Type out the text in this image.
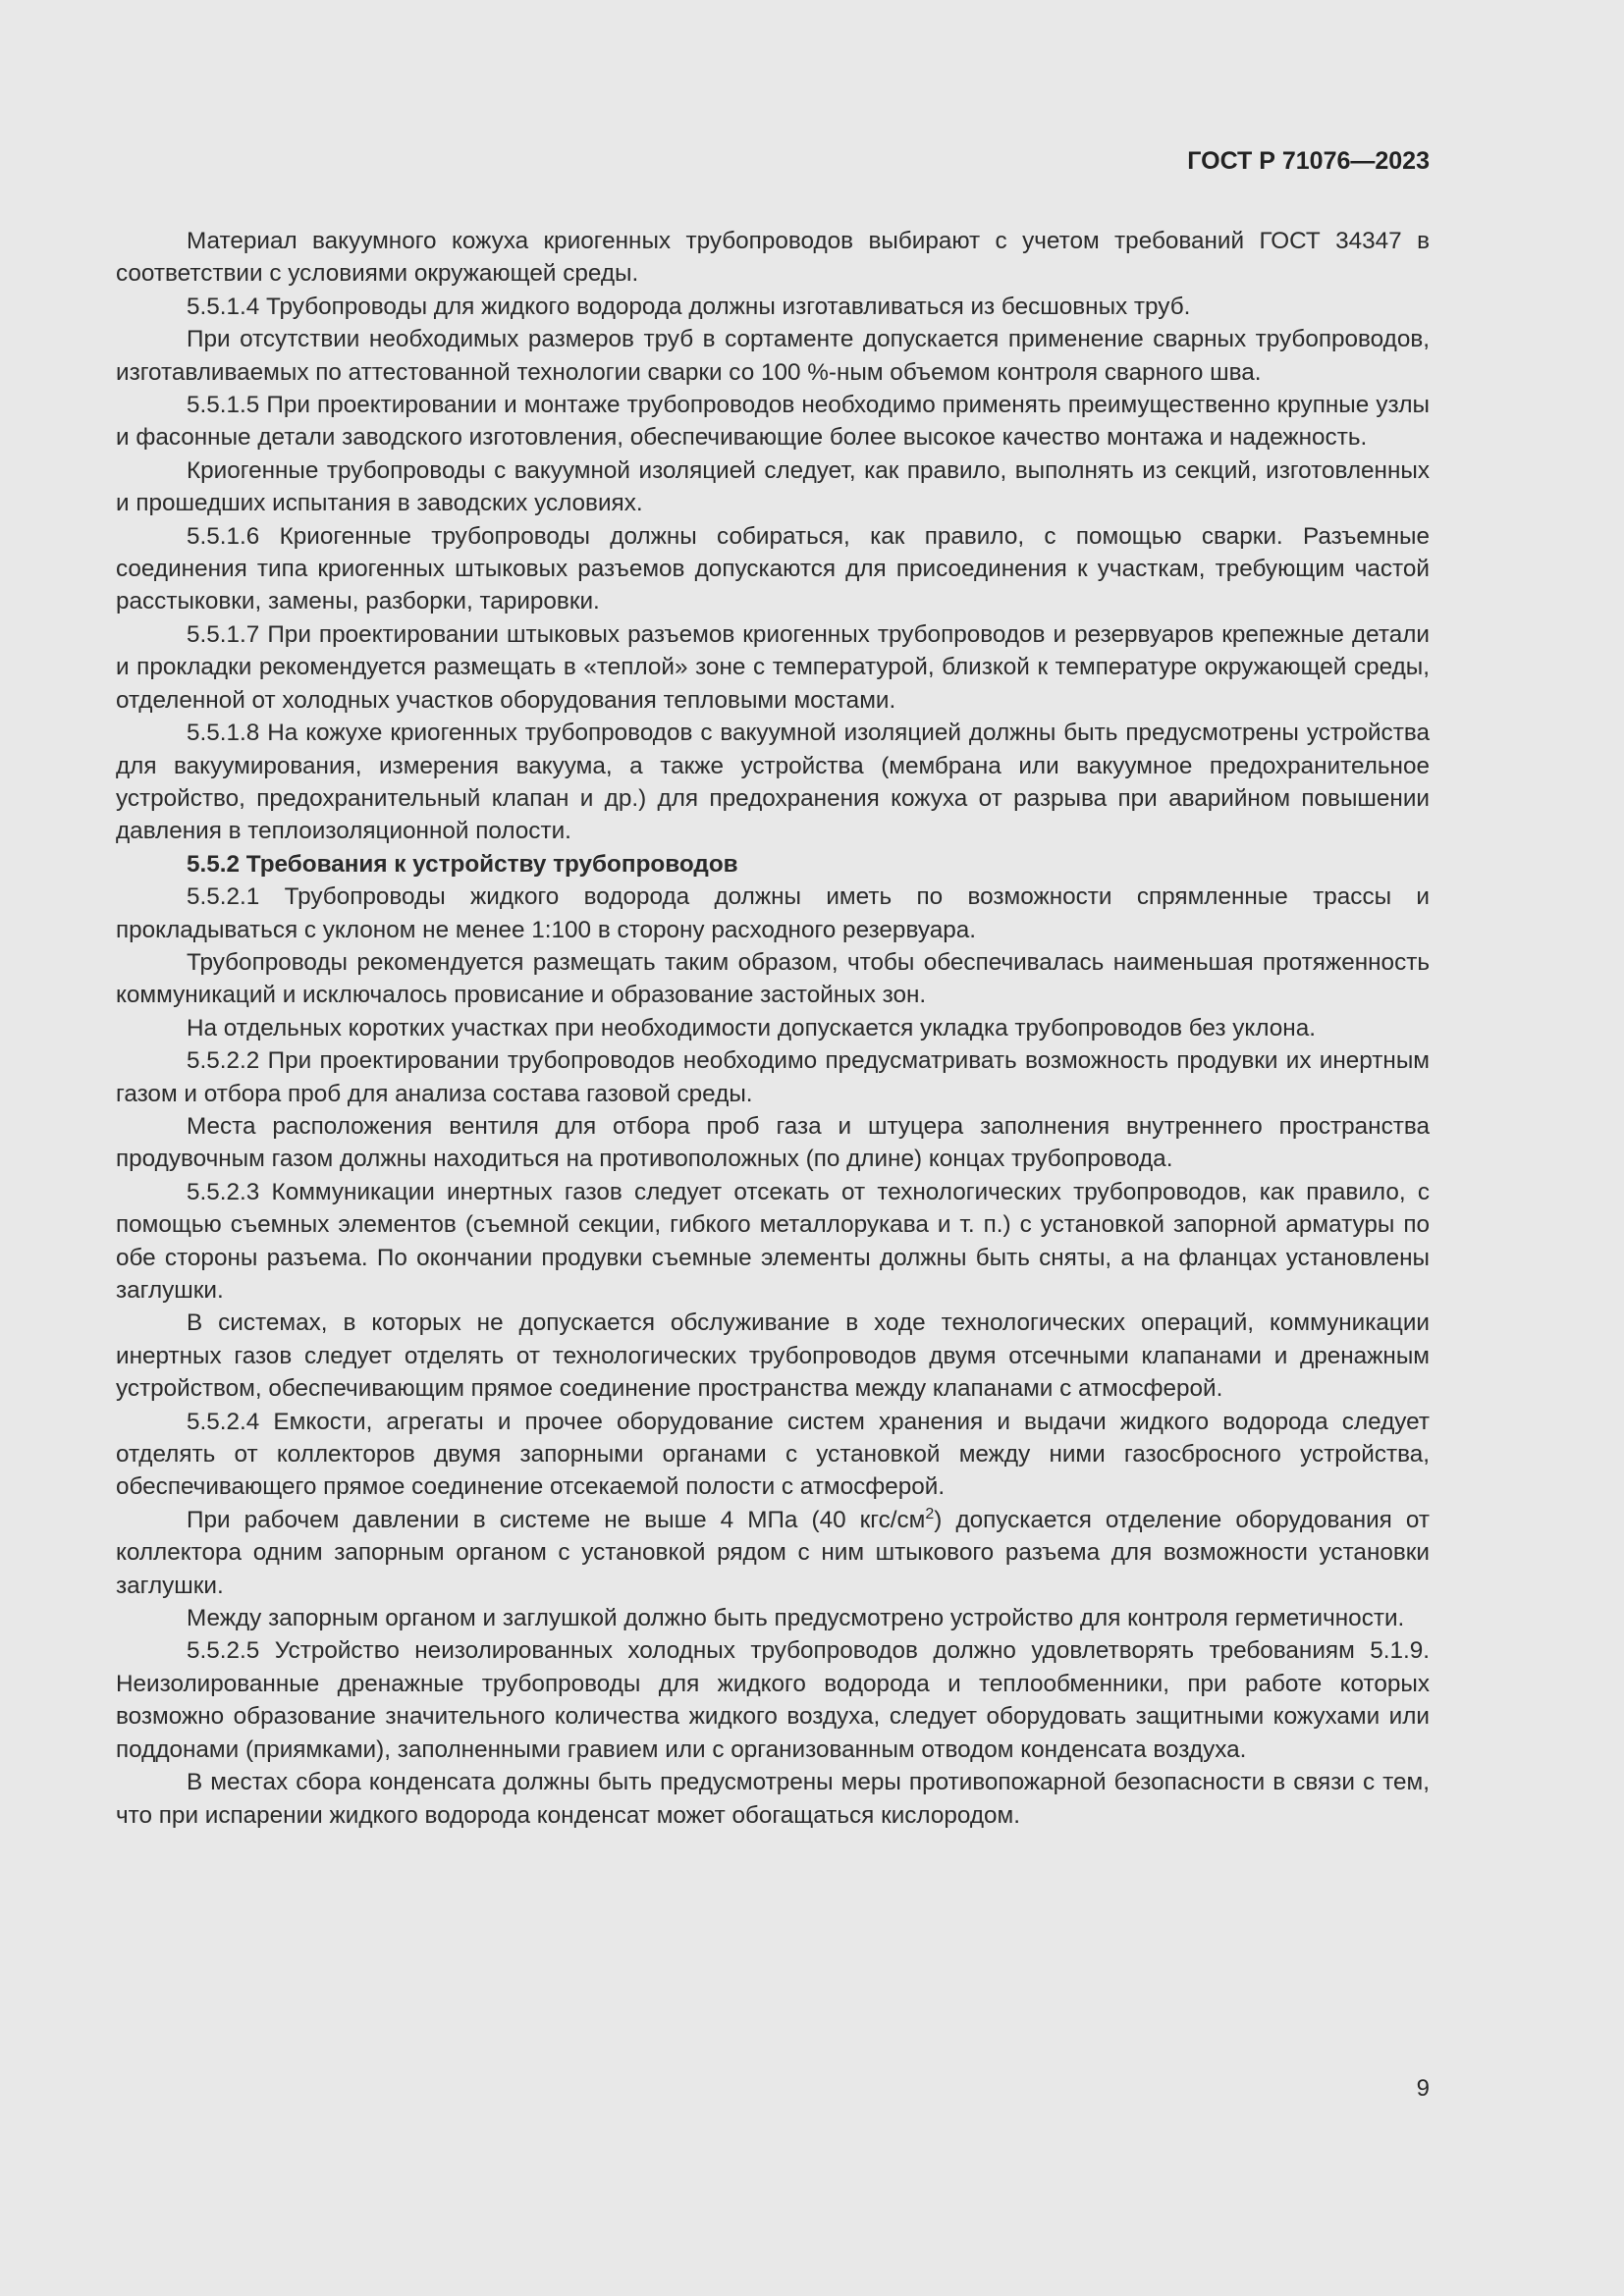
ГОСТ Р 71076—2023

Материал вакуумного кожуха криогенных трубопроводов выбирают с учетом требований ГОСТ 34347 в соответствии с условиями окружающей среды.

5.5.1.4 Трубопроводы для жидкого водорода должны изготавливаться из бесшовных труб.

При отсутствии необходимых размеров труб в сортаменте допускается применение сварных трубопроводов, изготавливаемых по аттестованной технологии сварки со 100 %-ным объемом контроля сварного шва.

5.5.1.5 При проектировании и монтаже трубопроводов необходимо применять преимущественно крупные узлы и фасонные детали заводского изготовления, обеспечивающие более высокое качество монтажа и надежность.

Криогенные трубопроводы с вакуумной изоляцией следует, как правило, выполнять из секций, изготовленных и прошедших испытания в заводских условиях.

5.5.1.6 Криогенные трубопроводы должны собираться, как правило, с помощью сварки. Разъемные соединения типа криогенных штыковых разъемов допускаются для присоединения к участкам, требующим частой расстыковки, замены, разборки, тарировки.

5.5.1.7 При проектировании штыковых разъемов криогенных трубопроводов и резервуаров крепежные детали и прокладки рекомендуется размещать в «теплой» зоне с температурой, близкой к температуре окружающей среды, отделенной от холодных участков оборудования тепловыми мостами.

5.5.1.8 На кожухе криогенных трубопроводов с вакуумной изоляцией должны быть предусмотрены устройства для вакуумирования, измерения вакуума, а также устройства (мембрана или вакуумное предохранительное устройство, предохранительный клапан и др.) для предохранения кожуха от разрыва при аварийном повышении давления в теплоизоляционной полости.

5.5.2 Требования к устройству трубопроводов

5.5.2.1 Трубопроводы жидкого водорода должны иметь по возможности спрямленные трассы и прокладываться с уклоном не менее 1:100 в сторону расходного резервуара.

Трубопроводы рекомендуется размещать таким образом, чтобы обеспечивалась наименьшая протяженность коммуникаций и исключалось провисание и образование застойных зон.

На отдельных коротких участках при необходимости допускается укладка трубопроводов без уклона.

5.5.2.2 При проектировании трубопроводов необходимо предусматривать возможность продувки их инертным газом и отбора проб для анализа состава газовой среды.

Места расположения вентиля для отбора проб газа и штуцера заполнения внутреннего пространства продувочным газом должны находиться на противоположных (по длине) концах трубопровода.

5.5.2.3 Коммуникации инертных газов следует отсекать от технологических трубопроводов, как правило, с помощью съемных элементов (съемной секции, гибкого металлорукава и т. п.) с установкой запорной арматуры по обе стороны разъема. По окончании продувки съемные элементы должны быть сняты, а на фланцах установлены заглушки.

В системах, в которых не допускается обслуживание в ходе технологических операций, коммуникации инертных газов следует отделять от технологических трубопроводов двумя отсечными клапанами и дренажным устройством, обеспечивающим прямое соединение пространства между клапанами с атмосферой.

5.5.2.4 Емкости, агрегаты и прочее оборудование систем хранения и выдачи жидкого водорода следует отделять от коллекторов двумя запорными органами с установкой между ними газосбросного устройства, обеспечивающего прямое соединение отсекаемой полости с атмосферой.

При рабочем давлении в системе не выше 4 МПа (40 кгс/$см^2$) допускается отделение оборудования от коллектора одним запорным органом с установкой рядом с ним штыкового разъема для возможности установки заглушки.

Между запорным органом и заглушкой должно быть предусмотрено устройство для контроля герметичности.

5.5.2.5 Устройство неизолированных холодных трубопроводов должно удовлетворять требованиям 5.1.9. Неизолированные дренажные трубопроводы для жидкого водорода и теплообменники, при работе которых возможно образование значительного количества жидкого воздуха, следует оборудовать защитными кожухами или поддонами (приямками), заполненными гравием или с организованным отводом конденсата воздуха.

В местах сбора конденсата должны быть предусмотрены меры противопожарной безопасности в связи с тем, что при испарении жидкого водорода конденсат может обогащаться кислородом.

9
